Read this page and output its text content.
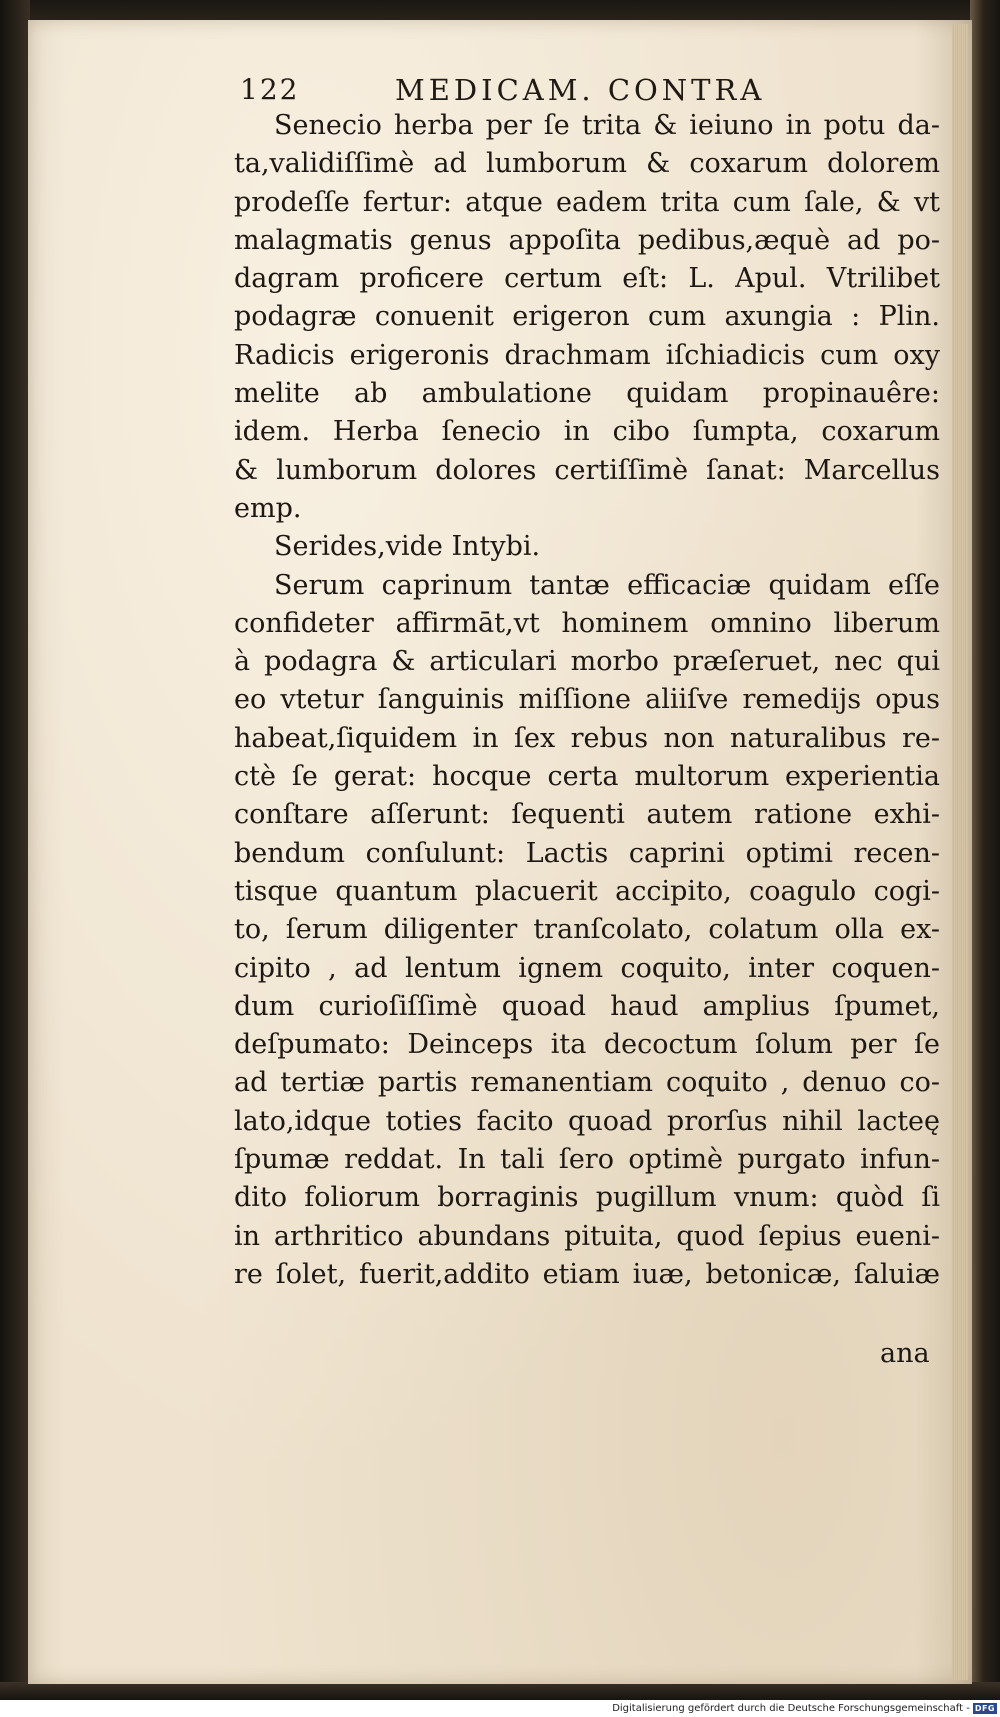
122	MEDICAM. CONTRA
Senecio herba per ſe trita & ieiuno in potu da-
ta,validiſſimè ad lumborum & coxarum dolorem
prodeſſe fertur: atque eadem trita cum ſale, & vt
malagmatis genus appoſita pedibus,æquè ad po-
dagram proficere certum eſt: L. Apul. Vtrilibet
podagræ conuenit erigeron cum axungia : Plin.
Radicis erigeronis drachmam iſchiadicis cum oxy
melite ab ambulatione quidam propinauêre:
idem. Herba ſenecio in cibo ſumpta, coxarum
& lumborum dolores certiſſimè ſanat: Marcellus
emp.
Serides,vide Intybi.
Serum caprinum tantæ efficaciæ quidam eſſe
confideter affirmāt,vt hominem omnino liberum
à podagra & articulari morbo præſeruet, nec qui
eo vtetur ſanguinis miſſione aliiſve remedijs opus
habeat,ſiquidem in ſex rebus non naturalibus re-
ctè ſe gerat: hocque certa multorum experientia
conſtare aſſerunt: ſequenti autem ratione exhi-
bendum conſulunt: Lactis caprini optimi recen-
tisque quantum placuerit accipito, coagulo cogi-
to, ſerum diligenter tranſcolato, colatum olla ex-
cipito , ad lentum ignem coquito, inter coquen-
dum curioſiſſimè quoad haud amplius ſpumet,
deſpumato: Deinceps ita decoctum ſolum per ſe
ad tertiæ partis remanentiam coquito , denuo co-
lato,idque toties facito quoad prorſus nihil lacteę
ſpumæ reddat. In tali ſero optimè purgato infun-
dito foliorum borraginis pugillum vnum: quòd ſi
in arthritico abundans pituita, quod ſepius eueni-
re ſolet, fuerit,addito etiam iuæ, betonicæ, ſaluiæ
ana
Digitalisierung gefördert durch die Deutsche Forschungsgemeinschaft - DFG
